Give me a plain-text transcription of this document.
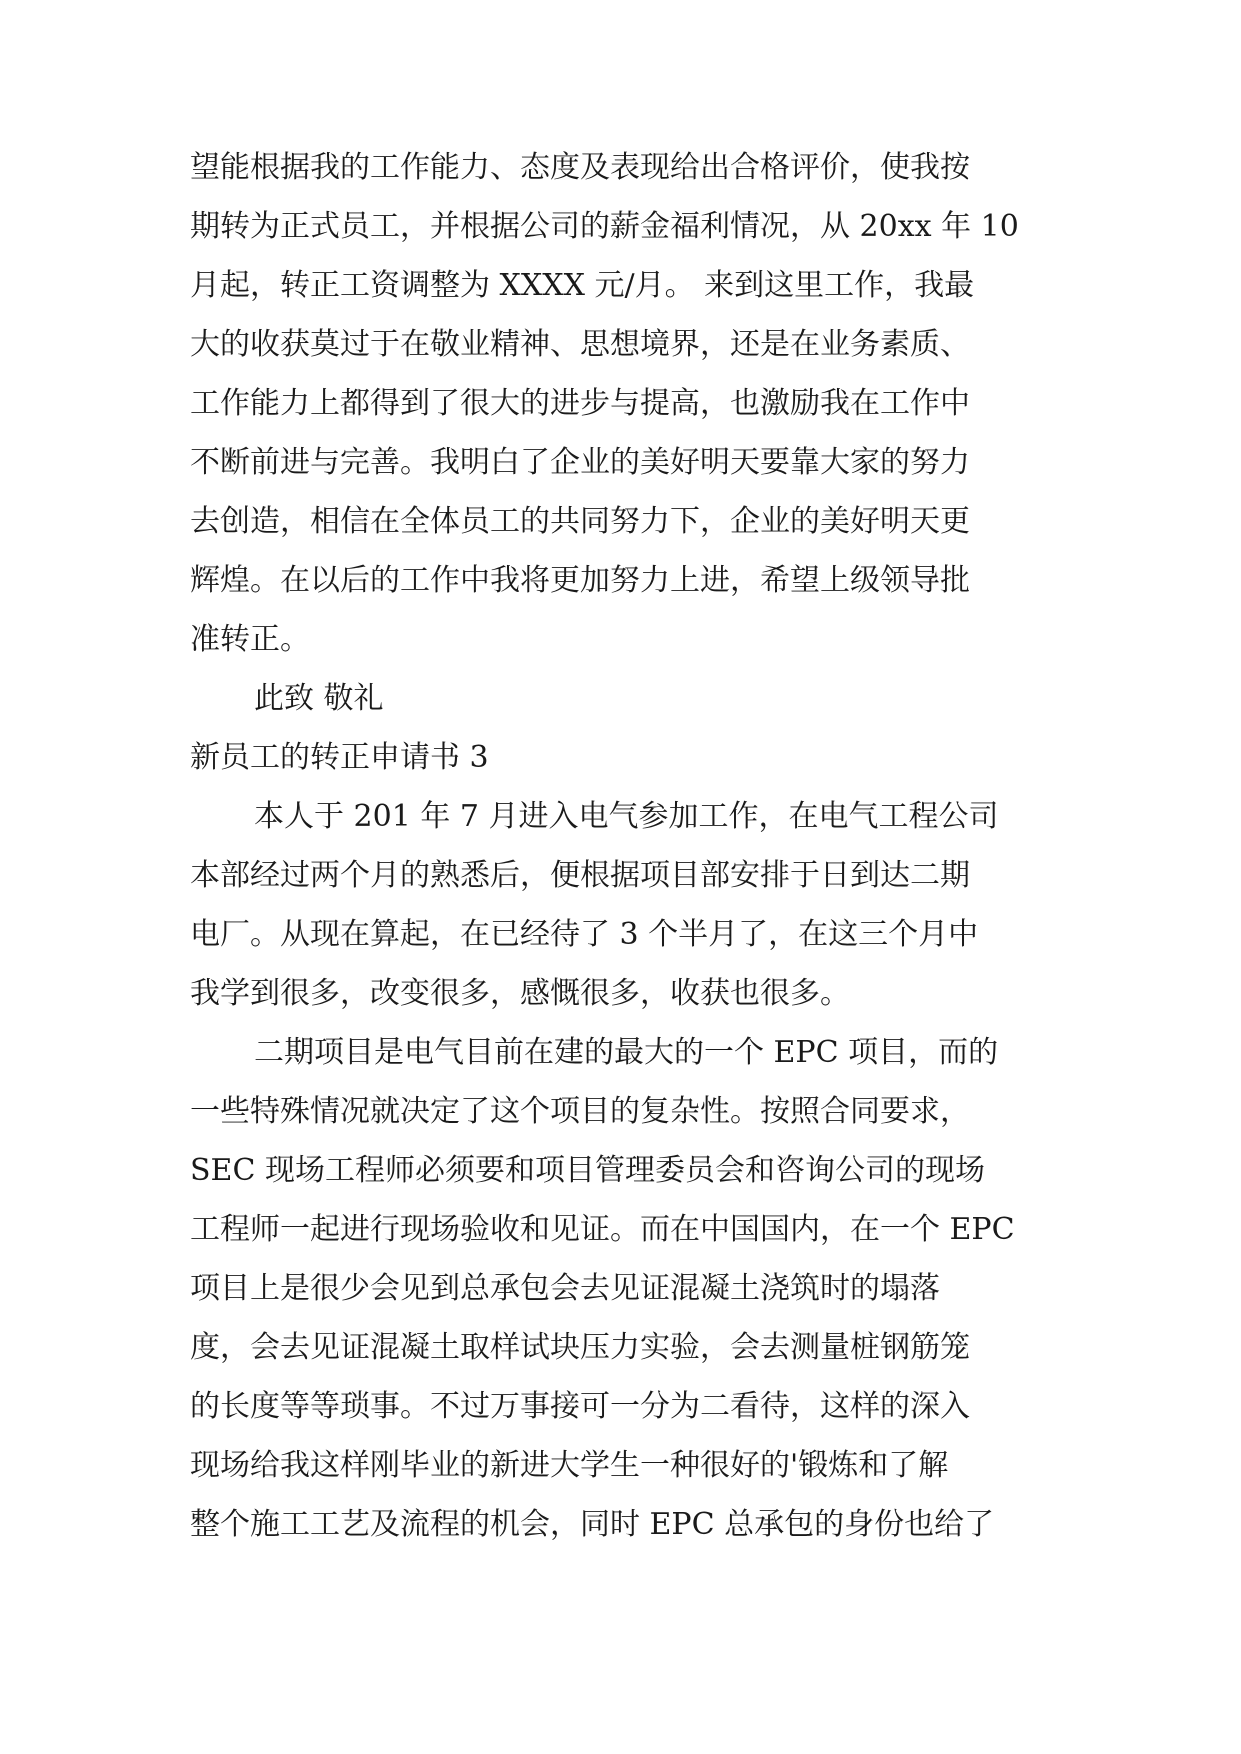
望能根据我的工作能力、态度及表现给出合格评价，使我按
期转为正式员工，并根据公司的薪金福利情况，从 20xx 年 10
月起，转正工资调整为 XXXX 元/月。 来到这里工作，我最
大的收获莫过于在敬业精神、思想境界，还是在业务素质、
工作能力上都得到了很大的进步与提高，也激励我在工作中
不断前进与完善。我明白了企业的美好明天要靠大家的努力
去创造，相信在全体员工的共同努力下，企业的美好明天更
辉煌。在以后的工作中我将更加努力上进，希望上级领导批
准转正。
此致 敬礼
新员工的转正申请书 3
本人于 201 年 7 月进入电气参加工作，在电气工程公司
本部经过两个月的熟悉后，便根据项目部安排于日到达二期
电厂。从现在算起，在已经待了 3 个半月了，在这三个月中
我学到很多，改变很多，感慨很多，收获也很多。
二期项目是电气目前在建的最大的一个 EPC 项目，而的
一些特殊情况就决定了这个项目的复杂性。按照合同要求，
SEC 现场工程师必须要和项目管理委员会和咨询公司的现场
工程师一起进行现场验收和见证。而在中国国内，在一个 EPC
项目上是很少会见到总承包会去见证混凝土浇筑时的塌落
度，会去见证混凝土取样试块压力实验，会去测量桩钢筋笼
的长度等等琐事。不过万事接可一分为二看待，这样的深入
现场给我这样刚毕业的新进大学生一种很好的'锻炼和了解
整个施工工艺及流程的机会，同时 EPC 总承包的身份也给了
